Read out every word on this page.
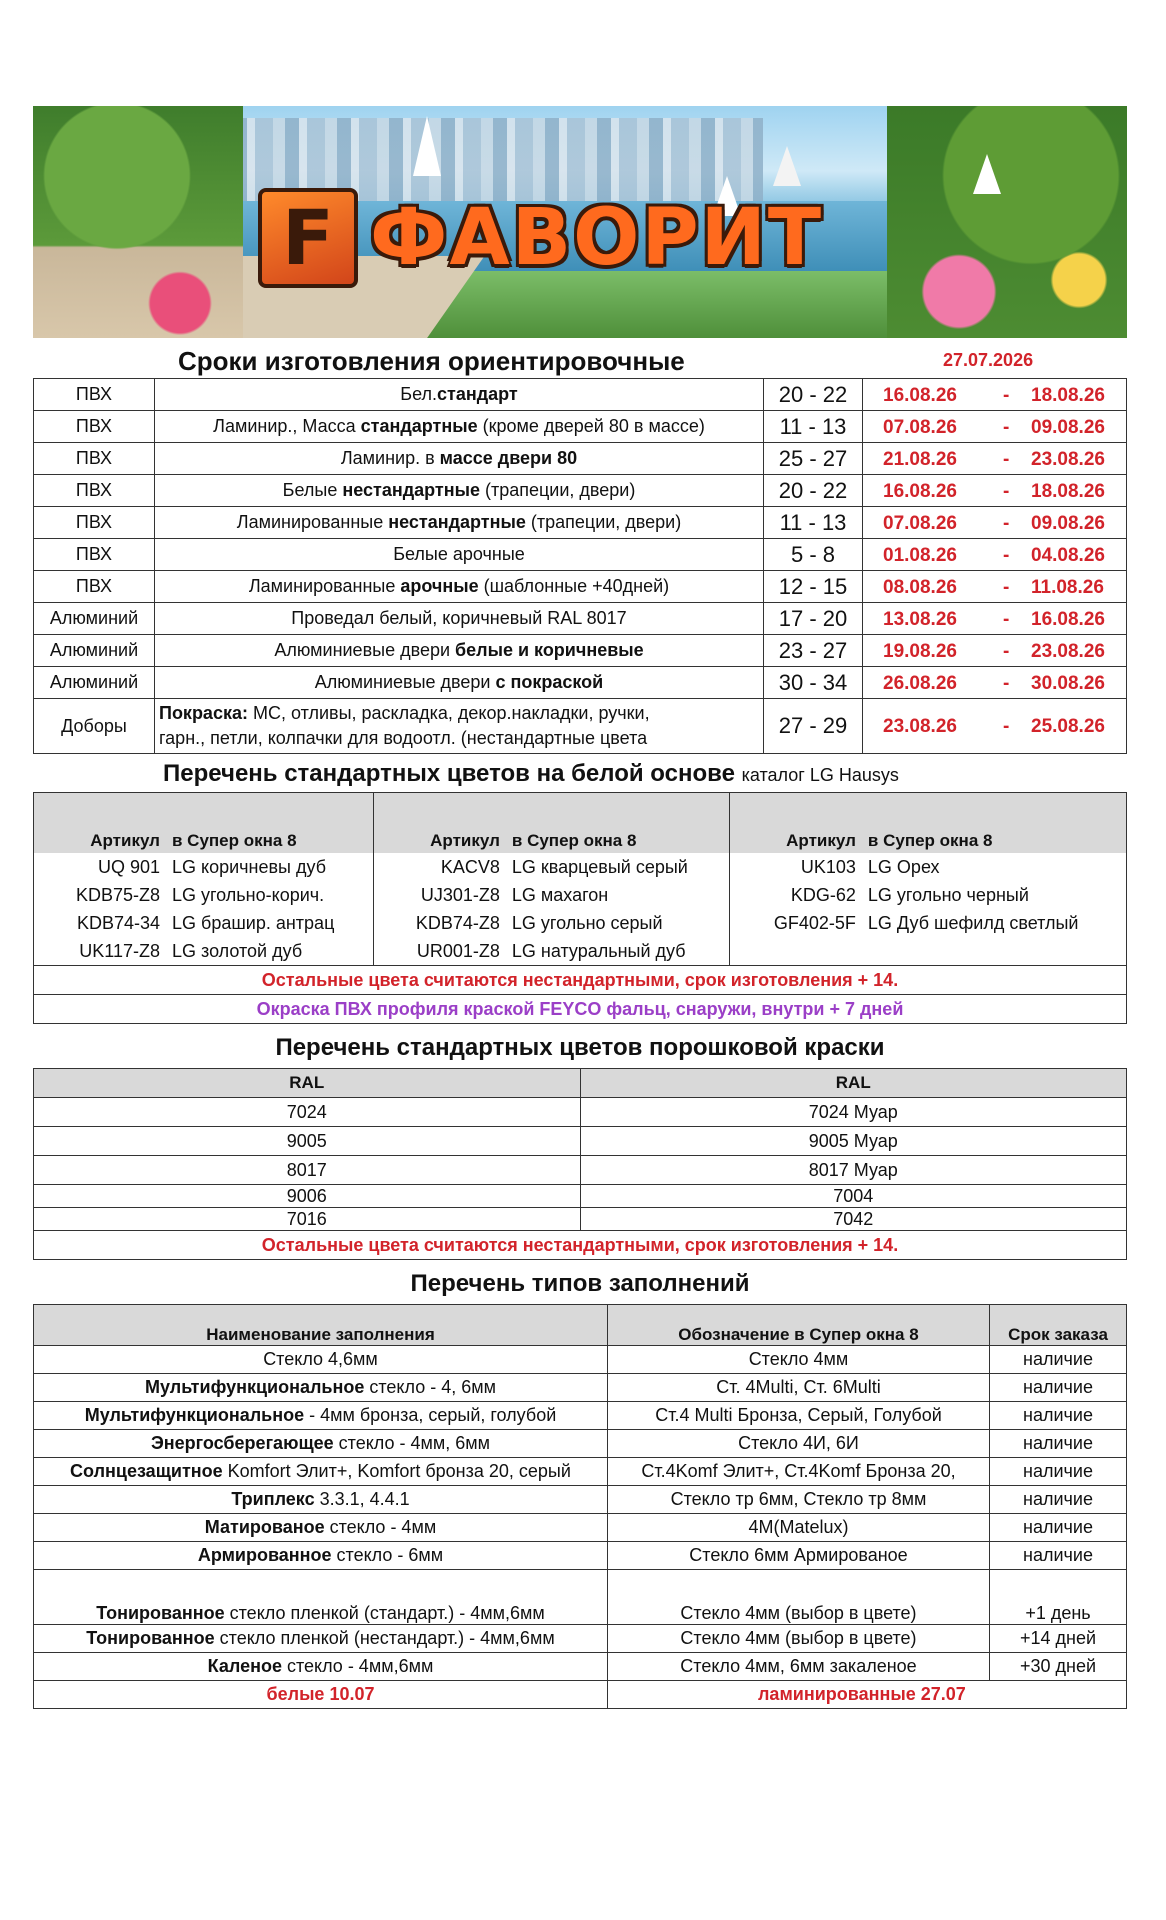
F ФАВОРИТ
Сроки изготовления ориентировочные	27.07.2026
ПВХ	Бел.стандарт	20 - 22	16.08.26 - 18.08.26

ПВХ	Ламинир., Масса стандартные (кроме дверей 80 в массе)	11 - 13	07.08.26 - 09.08.26

ПВХ	Ламинир. в массе двери 80	25 - 27	21.08.26 - 23.08.26

ПВХ	Белые нестандартные (трапеции, двери)	20 - 22	16.08.26 - 18.08.26

ПВХ	Ламинированные нестандартные (трапеции, двери)	11 - 13	07.08.26 - 09.08.26

ПВХ	Белые арочные	5 - 8	01.08.26 - 04.08.26

ПВХ	Ламинированные арочные (шаблонные +40дней)	12 - 15	08.08.26 - 11.08.26

Алюминий	Проведал белый, коричневый RAL 8017	17 - 20	13.08.26 - 16.08.26

Алюминий	Алюминиевые двери белые и коричневые	23 - 27	19.08.26 - 23.08.26

Алюминий	Алюминиевые двери с покраской	30 - 34	26.08.26 - 30.08.26

Доборы	Покраска: МС, отливы, раскладка, декор.накладки, ручки,
гарн., петли, колпачки для водоотл. (нестандартные цвета	27 - 29	23.08.26 - 25.08.26
Перечень стандартных цветов на белой основе каталог LG Hausys
Артикул	в Супер окна 8	Артикул	в Супер окна 8	Артикул	в Супер окна 8
UQ 901	LG коричневы дуб	KACV8	LG кварцевый серый	UK103	LG Орех
KDB75-Z8	LG угольно-корич.	UJ301-Z8	LG махагон	KDG-62	LG угольно черный
KDB74-34	LG брашир. антрац	KDB74-Z8	LG угольно серый	GF402-5F	LG Дуб шефилд светлый
UK117-Z8	LG золотой дуб	UR001-Z8	LG натуральный дуб		
Остальные цвета считаются нестандартными, срок изготовления + 14.					
Окраска ПВХ профиля краской FEYCO фальц, снаружи, внутри + 7 дней					
Перечень стандартных цветов порошковой краски
RAL	RAL
7024	7024 Муар
9005	9005 Муар
8017	8017 Муар
9006	7004
7016	7042
Остальные цвета считаются нестандартными, срок изготовления + 14.	
Перечень типов заполнений
Наименование заполнения	Обозначение в Супер окна 8	Срок заказа
Стекло 4,6мм	Стекло 4мм	наличие
Мультифункциональное стекло - 4, 6мм	Ст. 4Multi, Ст. 6Multi	наличие
Мультифункциональное - 4мм бронза, серый, голубой	Ст.4 Multi Бронза, Серый, Голубой	наличие
Энергосберегающее стекло - 4мм, 6мм	Стекло 4И, 6И	наличие
Солнцезащитное Komfort Элит+, Komfort бронза 20, серый	Ст.4Komf Элит+, Ст.4Komf Бронза 20,	наличие
Триплекс 3.3.1, 4.4.1	Стекло тр 6мм, Стекло тр 8мм	наличие
Матированое стекло - 4мм	4М(Matelux)	наличие
Армированное стекло - 6мм	Стекло 6мм Армированое	наличие
Тонированное стекло пленкой (стандарт.) - 4мм,6мм	Стекло 4мм (выбор в цвете)	+1 день
Тонированное стекло пленкой (нестандарт.) - 4мм,6мм	Стекло 4мм (выбор в цвете)	+14 дней
Каленое стекло - 4мм,6мм	Стекло 4мм, 6мм закаленое	+30 дней
белые 10.07	ламинированные 27.07	
